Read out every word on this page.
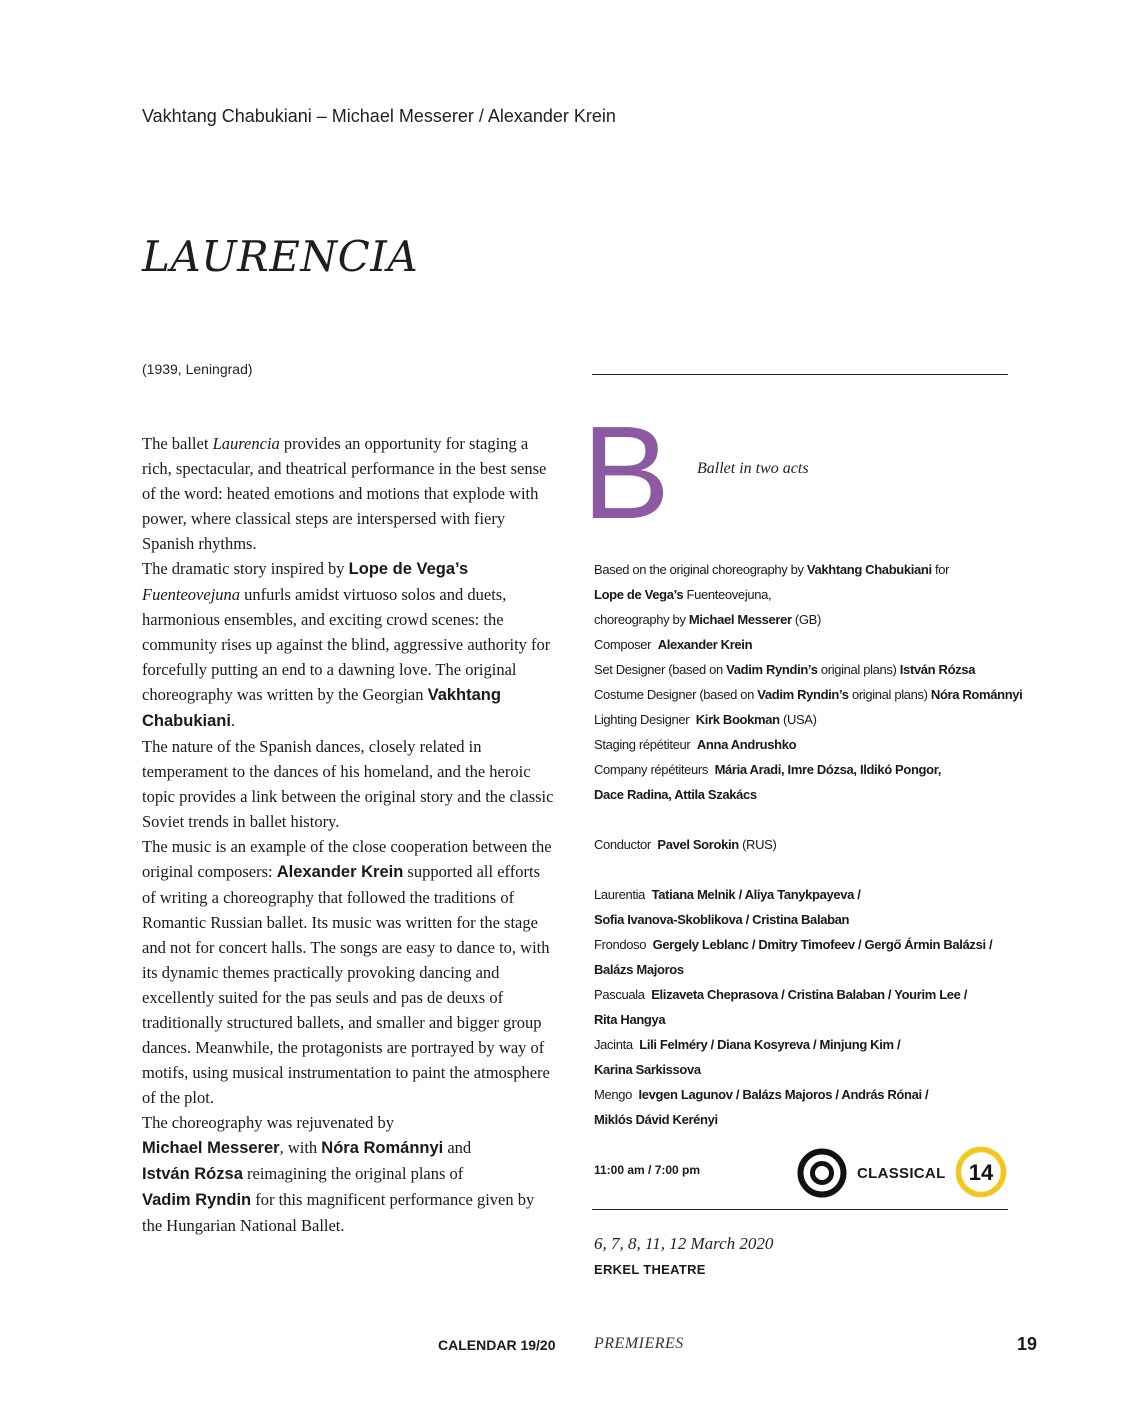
Vakhtang Chabukiani – Michael Messerer / Alexander Krein
LAURENCIA
(1939, Leningrad)

The ballet Laurencia provides an opportunity for staging a rich, spectacular, and theatrical performance in the best sense of the word: heated emotions and motions that explode with power, where classical steps are interspersed with fiery Spanish rhythms.

The dramatic story inspired by Lope de Vega’s Fuenteovejuna unfurls amidst virtuoso solos and duets, harmonious ensembles, and exciting crowd scenes: the community rises up against the blind, aggressive authority for forcefully putting an end to a dawning love. The original choreography was written by the Georgian Vakhtang Chabukiani.

The nature of the Spanish dances, closely related in temperament to the dances of his homeland, and the heroic topic provides a link between the original story and the classic Soviet trends in ballet history.

The music is an example of the close cooperation between the original composers: Alexander Krein supported all efforts of writing a choreography that followed the traditions of Romantic Russian ballet. Its music was written for the stage and not for concert halls. The songs are easy to dance to, with its dynamic themes practically provoking dancing and excellently suited for the pas seuls and pas de deuxs of traditionally structured ballets, and smaller and bigger group dances. Meanwhile, the protagonists are portrayed by way of motifs, using musical instrumentation to paint the atmosphere of the plot.

The choreography was rejuvenated by
Michael Messerer, with Nóra Románnyi and
István Rózsa reimagining the original plans of
Vadim Ryndin for this magnificent performance given by the Hungarian National Ballet.

B Ballet in two acts
Based on the original choreography by Vakhtang Chabukiani for
Lope de Vega’s Fuenteovejuna,
choreography by Michael Messerer (GB)
Composer Alexander Krein
Set Designer (based on Vadim Ryndin’s original plans) István Rózsa
Costume Designer (based on Vadim Ryndin’s original plans) Nóra Románnyi
Lighting Designer Kirk Bookman (USA)
Staging répétiteur Anna Andrushko
Company répétiteurs Mária Aradi, Imre Dózsa, Ildikó Pongor,
Dace Radina, Attila Szakács
Conductor Pavel Sorokin (RUS)
Laurentia Tatiana Melnik / Aliya Tanykpayeva /
Sofia Ivanova-Skoblikova / Cristina Balaban
Frondoso Gergely Leblanc / Dmitry Timofeev / Gergő Ármin Balázsi /
Balázs Majoros
Pascuala Elizaveta Cheprasova / Cristina Balaban / Yourim Lee /
Rita Hangya
Jacinta Lili Felméry / Diana Kosyreva / Minjung Kim /
Karina Sarkissova
Mengo Ievgen Lagunov / Balázs Majoros / András Rónai /
Miklós Dávid Kerényi
11:00 am / 7:00 pm	CLASSICAL 14
6, 7, 8, 11, 12 March 2020
ERKEL THEATRE
CALENDAR 19/20 PREMIERES	19
